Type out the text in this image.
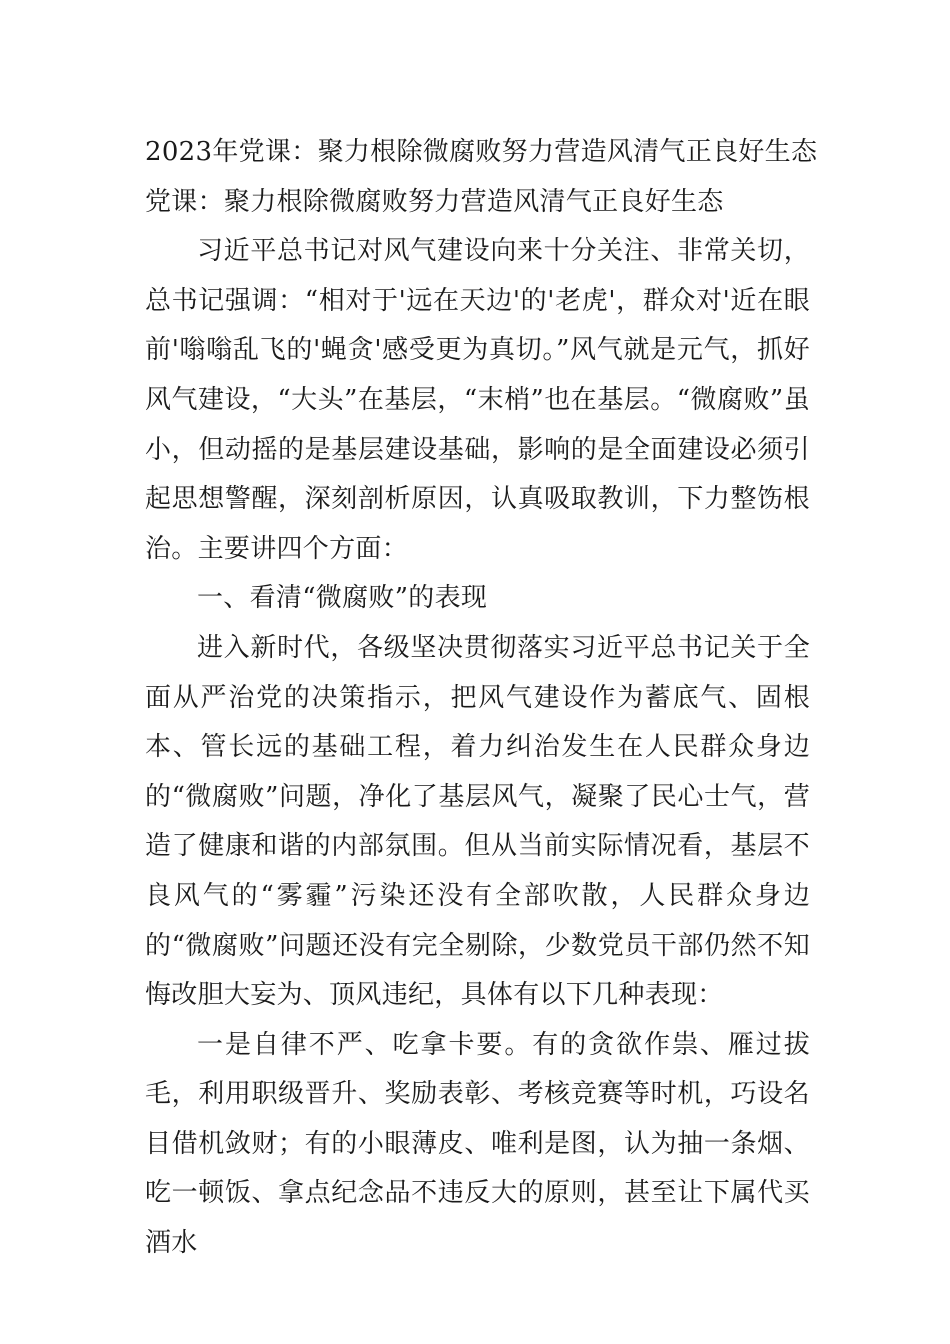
2023年党课：聚力根除微腐败努力营造风清气正良好生态

党课：聚力根除微腐败努力营造风清气正良好生态

习近平总书记对风气建设向来十分关注、非常关切，总书记强调：“相对于'远在天边'的'老虎'，群众对'近在眼前'嗡嗡乱飞的'蝇贪'感受更为真切。”风气就是元气，抓好风气建设，“大头”在基层，“末梢”也在基层。“微腐败”虽小，但动摇的是基层建设基础，影响的是全面建设必须引起思想警醒，深刻剖析原因，认真吸取教训，下力整饬根治。主要讲四个方面：

一、看清“微腐败”的表现

进入新时代，各级坚决贯彻落实习近平总书记关于全面从严治党的决策指示，把风气建设作为蓄底气、固根本、管长远的基础工程，着力纠治发生在人民群众身边的“微腐败”问题，净化了基层风气，凝聚了民心士气，营造了健康和谐的内部氛围。但从当前实际情况看，基层不良风气的“雾霾”污染还没有全部吹散，人民群众身边的“微腐败”问题还没有完全剔除，少数党员干部仍然不知悔改胆大妄为、顶风违纪，具体有以下几种表现：

一是自律不严、吃拿卡要。有的贪欲作祟、雁过拔毛，利用职级晋升、奖励表彰、考核竞赛等时机，巧设名目借机敛财；有的小眼薄皮、唯利是图，认为抽一条烟、吃一顿饭、拿点纪念品不违反大的原则，甚至让下属代买酒水
